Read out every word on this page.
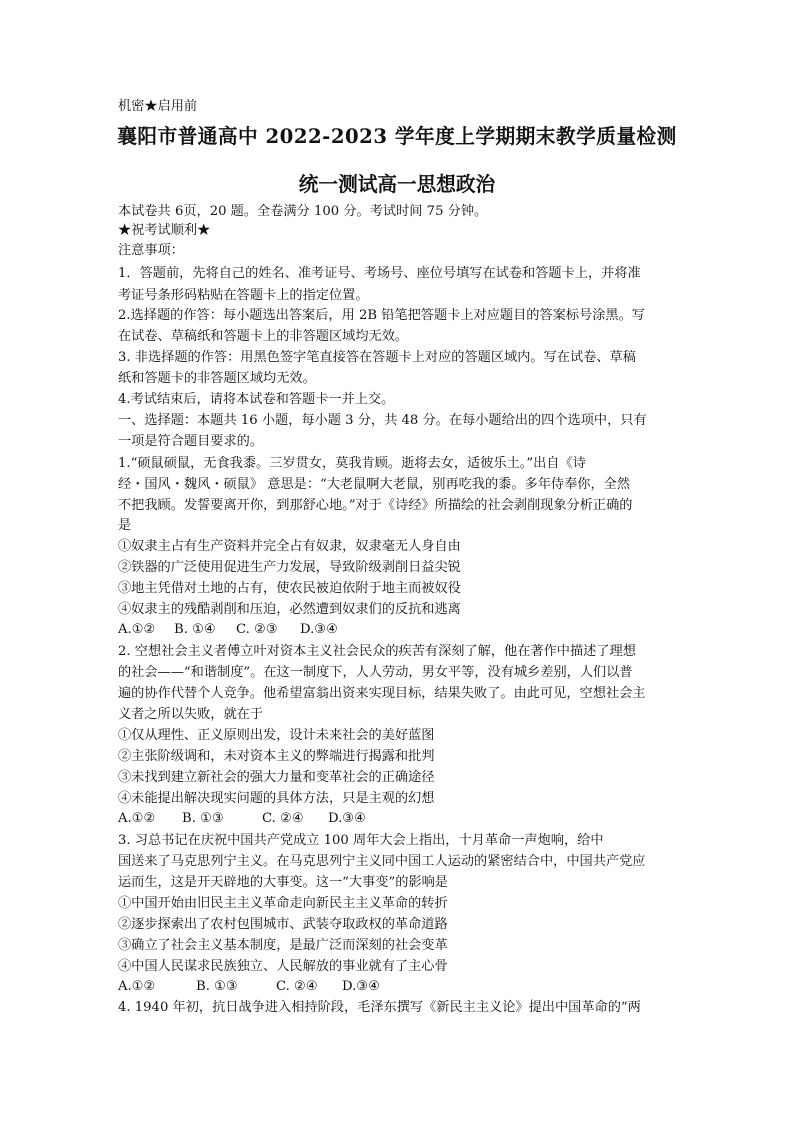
机密★启用前
襄阳市普通高中 2022-2023 学年度上学期期末教学质量检测
统一测试高一思想政治
本试卷共 6页，20 题。全卷满分 100 分。考试时间 75 分钟。
★祝考试顺利★
注意事项：
1．答题前，先将自己的姓名、准考证号、考场号、座位号填写在试卷和答题卡上，并将准
考证号条形码粘贴在答题卡上的指定位置。
2.选择题的作答：每小题选出答案后，用 2B 铅笔把答题卡上对应题目的答案标号涂黑。写
在试卷、草稿纸和答题卡上的非答题区域均无效。
3. 非选择题的作答：用黑色签字笔直接答在答题卡上对应的答题区域内。写在试卷、草稿
纸和答题卡的非答题区域均无效。
4.考试结束后，请将本试卷和答题卡一并上交。
一、选择题：本题共 16 小题，每小题 3 分，共 48 分。在每小题给出的四个选项中，只有
一项是符合题目要求的。
1.“硕鼠硕鼠，无食我黍。三岁贯女，莫我肯顾。逝将去女，适彼乐土。”出自《诗
经・国风・魏风・硕鼠》 意思是：“大老鼠啊大老鼠，别再吃我的黍。多年侍奉你，全然
不把我顾。发誓要离开你，到那舒心地。”对于《诗经》所描绘的社会剥削现象分析正确的
是
①奴隶主占有生产资料并完全占有奴隶，奴隶毫无人身自由
②铁器的广泛使用促进生产力发展，导致阶级剥削日益尖锐
③地主凭借对土地的占有，使农民被迫依附于地主而被奴役
④奴隶主的残酷剥削和压迫，必然遭到奴隶们的反抗和逃离
A.①② B. ①④ C. ②③ D.③④
2. 空想社会主义者傅立叶对资本主义社会民众的疾苦有深刻了解，他在著作中描述了理想
的社会——“和谐制度”。在这一制度下，人人劳动，男女平等，没有城乡差别，人们以普
遍的协作代替个人竞争。他希望富翁出资来实现目标，结果失败了。由此可见，空想社会主
义者之所以失败，就在于
①仅从理性、正义原则出发，设计未来社会的美好蓝图
②主张阶级调和，未对资本主义的弊端进行揭露和批判
③未找到建立新社会的强大力量和变革社会的正确途径
④未能提出解决现实问题的具体方法，只是主观的幻想
A.①② B. ①③	C. ②④ D.③④
3. 习总书记在庆祝中国共产党成立 100 周年大会上指出，十月革命一声炮响，给中
国送来了马克思列宁主义。在马克思列宁主义同中国工人运动的紧密结合中，中国共产党应
运而生，这是开天辟地的大事变。这一“大事变”的影响是
①中国开始由旧民主主义革命走向新民主主义革命的转折
②逐步探索出了农村包围城市、武装夺取政权的革命道路
③确立了社会主义基本制度，是最广泛而深刻的社会变革
④中国人民谋求民族独立、人民解放的事业就有了主心骨
A.①②	B. ①③	C. ②④ D.③④
4. 1940 年初，抗日战争进入相持阶段，毛泽东撰写《新民主主义论》提出中国革命的“两
